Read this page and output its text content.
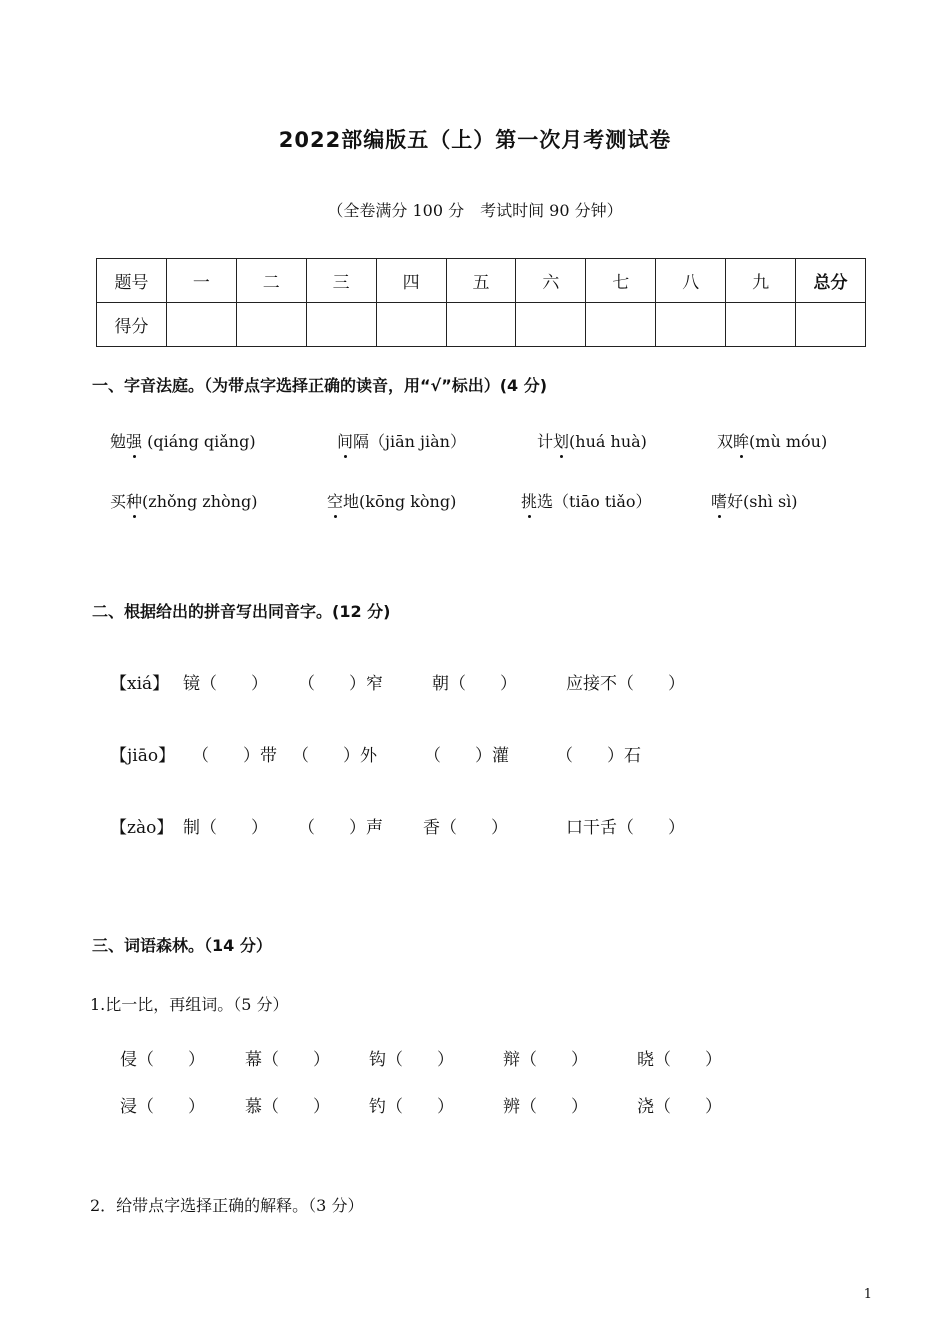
2022部编版五（上）第一次月考测试卷
（全卷满分 100 分　考试时间 90 分钟）
题号	一	二	三	四	五	六	七	八	九	总分
得分										
一、字音法庭。（为带点字选择正确的读音，用“√”标出）(4 分)
勉强 (qiáng qiǎng)	间隔（jiān jiàn）	计划(huá huà)	双眸(mù móu)
买种(zhǒng zhòng)	空地(kōng kòng)	挑选（tiāo tiǎo）	嗜好(shì sì)
二、根据给出的拼音写出同音字。(12 分)
【xiá】 镜（　　） （　　）窄	朝（　　）	应接不（　　）
【jiāo】 （　　）带 （　　）外	（　　）灌	（　　）石
【zào】 制（　　） （　　）声 香（　　）	口干舌（　　）
三、词语森林。（14 分）
1.比一比，再组词。（5 分）
侵（　　） 幕（　　） 钩（　　）	辩（　　）	晓（　　）
浸（　　） 慕（　　） 钓（　　）	辨（　　）	浇（　　）
2．给带点字选择正确的解释。（3 分）
1
